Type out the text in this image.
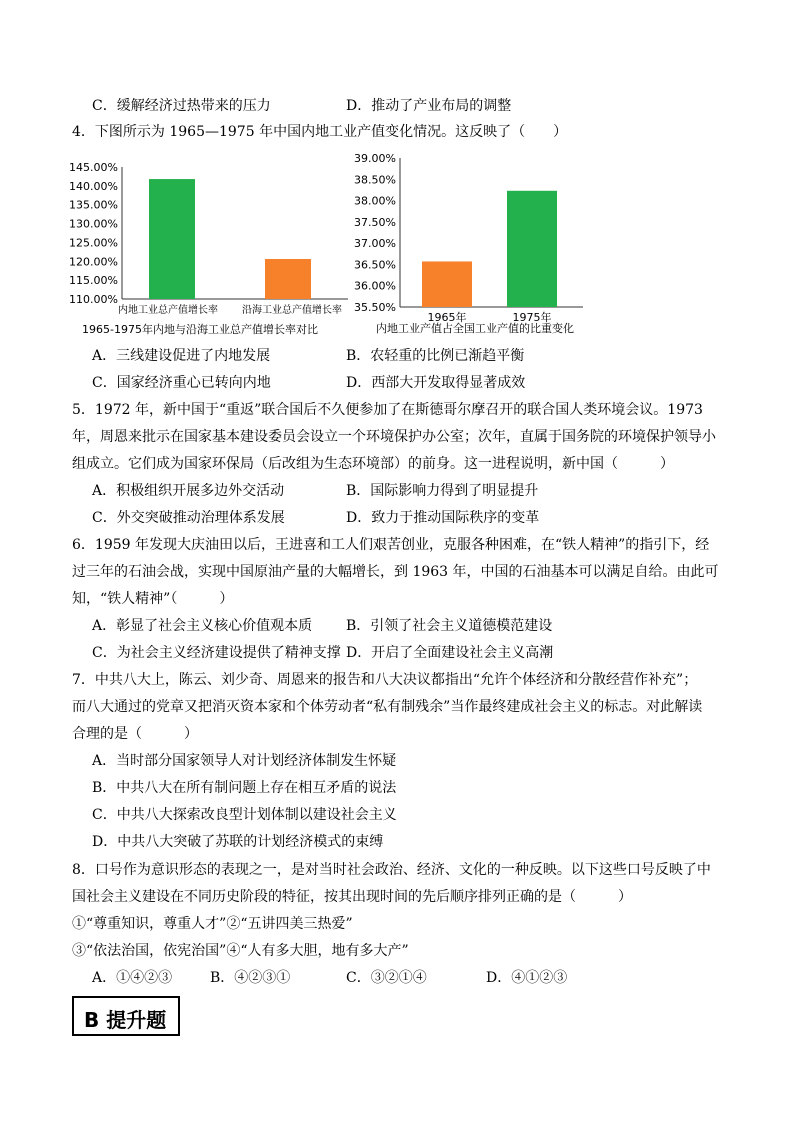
C．缓解经济过热带来的压力	D．推动了产业布局的调整
4．下图所示为 1965—1975 年中国内地工业产值变化情况。这反映了（　　）
110.00%
115.00%
120.00%
125.00%
130.00%
135.00%
140.00%
145.00%
内地工业总产值增长率 沿海工业总产值增长率
1965-1975年内地与沿海工业总产值增长率对比
35.50%
36.00%
36.50%
37.00%
37.50%
38.00%
38.50%
39.00%
1965年	1975年
内地工业产值占全国工业产值的比重变化
A．三线建设促进了内地发展	B．农轻重的比例已渐趋平衡
C．国家经济重心已转向内地	D．西部大开发取得显著成效
5．1972 年，新中国于“重返”联合国后不久便参加了在斯德哥尔摩召开的联合国人类环境会议。1973
年，周恩来批示在国家基本建设委员会设立一个环境保护办公室；次年，直属于国务院的环境保护领导小
组成立。它们成为国家环保局（后改组为生态环境部）的前身。这一进程说明，新中国（　　　）
A．积极组织开展多边外交活动	B．国际影响力得到了明显提升
C．外交突破推动治理体系发展	D．致力于推动国际秩序的变革
6．1959 年发现大庆油田以后，王进喜和工人们艰苦创业，克服各种困难，在“铁人精神”的指引下，经
过三年的石油会战，实现中国原油产量的大幅增长，到 1963 年，中国的石油基本可以满足自给。由此可
知，“铁人精神”（　　　）
A．彰显了社会主义核心价值观本质 B．引领了社会主义道德模范建设
C．为社会主义经济建设提供了精神支撑 D．开启了全面建设社会主义高潮
7．中共八大上，陈云、刘少奇、周恩来的报告和八大决议都指出“允许个体经济和分散经营作补充”；
而八大通过的党章又把消灭资本家和个体劳动者“私有制残余”当作最终建成社会主义的标志。对此解读
合理的是（　　　）
A．当时部分国家领导人对计划经济体制发生怀疑
B．中共八大在所有制问题上存在相互矛盾的说法
C．中共八大探索改良型计划体制以建设社会主义
D．中共八大突破了苏联的计划经济模式的束缚
8．口号作为意识形态的表现之一，是对当时社会政治、经济、文化的一种反映。以下这些口号反映了中
国社会主义建设在不同历史阶段的特征，按其出现时间的先后顺序排列正确的是（　　　）
①“尊重知识，尊重人才”②“五讲四美三热爱”
③“依法治国，依宪治国”④“人有多大胆，地有多大产”
A．①④②③	B．④②③①	C．③②①④	D．④①②③
B 提升题
